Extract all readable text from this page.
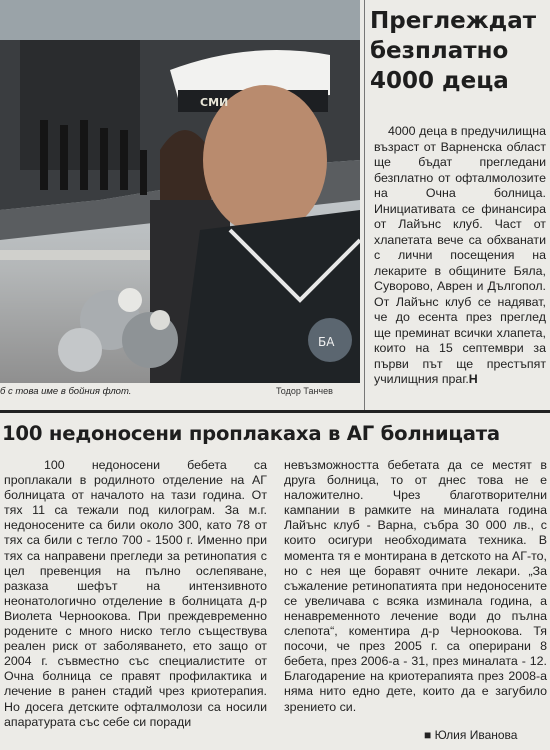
БА
СМИ
б с това име в бойния флот.	Тодор Танчев
Преглеждат
безплатно
4000 деца

4000 деца в предучилищна възраст от Варненска област ще бъдат прегледани безплатно от офталмолозите на Очна болница. Инициативата се финансира от Лайънс клуб. Част от хлапетата вече са обхванати с лични посещения на лекарите в общините Бяла, Суворово, Аврен и Дългопол. От Лайънс клуб се надяват, че до есента през преглед ще преминат всички хлапета, които на 15 септември за първи път ще престъпят училищния праг.Н

100 недоносени проплакаха в АГ болницата

100 недоносени бебета са проплакали в родилното отделение на АГ болницата от началото на тази година. От тях 11 са тежали под килограм. За м.г. недоносените са били около 300, като 78 от тях са били с тегло 700 - 1500 г. Именно при тях са направени прегледи за ретинопатия с цел превенция на пълно ослепяване, разказа шефът на интензивното неонатологично отделение в болницата д-р Виолета Черноокова. При преждевременно родените с много ниско тегло съществува реален риск от заболяването, ето защо от 2004 г. съвместно със специалистите от Очна болница се правят профилактика и лечение в ранен стадий чрез криотерапия. Но досега детските офталмолози са носили апаратурата със себе си поради

невъзможността бебетата да се местят в друга болница, то от днес това не е наложително. Чрез благотворителни кампании в рамките на миналата година Лайънс клуб - Варна, събра 30 000 лв., с които осигури необходимата техника. В момента тя е монтирана в детското на АГ-то, но с нея ще боравят очните лекари. „За съжаление ретинопатията при недоносените се увеличава с всяка изминала година, а ненавременното лечение води до пълна слепота“, коментира д-р Черноокова. Тя посочи, че през 2005 г. са оперирани 8 бебета, през 2006-а - 31, през миналата - 12. Благодарение на криотерапията през 2008-а няма нито едно дете, които да е загубило зрението си.

■ Юлия Иванова
